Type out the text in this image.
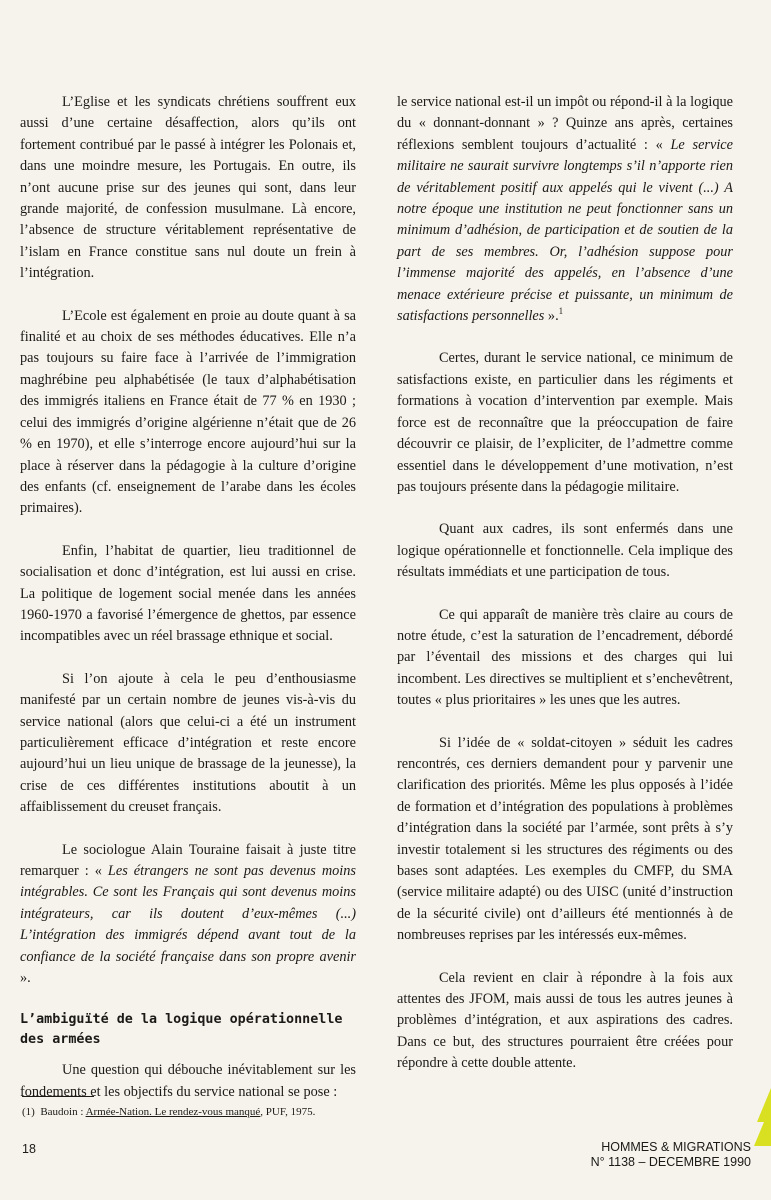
L’Eglise et les syndicats chrétiens souffrent eux aussi d’une certaine désaffection, alors qu’ils ont fortement contribué par le passé à intégrer les Polonais et, dans une moindre mesure, les Portugais. En outre, ils n’ont aucune prise sur des jeunes qui sont, dans leur grande majorité, de confession musulmane. Là encore, l’absence de structure véritablement représentative de l’islam en France constitue sans nul doute un frein à l’intégration.

L’Ecole est également en proie au doute quant à sa finalité et au choix de ses méthodes éducatives. Elle n’a pas toujours su faire face à l’arrivée de l’immigration maghrébine peu alphabétisée (le taux d’alphabétisation des immigrés italiens en France était de 77 % en 1930 ; celui des immigrés d’origine algérienne n’était que de 26 % en 1970), et elle s’interroge encore aujourd’hui sur la place à réserver dans la pédagogie à la culture d’origine des enfants (cf. enseignement de l’arabe dans les écoles primaires).

Enfin, l’habitat de quartier, lieu traditionnel de socialisation et donc d’intégration, est lui aussi en crise. La politique de logement social menée dans les années 1960-1970 a favorisé l’émergence de ghettos, par essence incompatibles avec un réel brassage ethnique et social.

Si l’on ajoute à cela le peu d’enthousiasme manifesté par un certain nombre de jeunes vis-à-vis du service national (alors que celui-ci a été un instrument particulièrement efficace d’intégration et reste encore aujourd’hui un lieu unique de brassage de la jeunesse), la crise de ces différentes institutions aboutit à un affaiblissement du creuset français.

Le sociologue Alain Touraine faisait à juste titre remarquer : « Les étrangers ne sont pas devenus moins intégrables. Ce sont les Français qui sont devenus moins intégrateurs, car ils doutent d’eux-mêmes (...) L’intégration des immigrés dépend avant tout de la confiance de la société française dans son propre avenir ».

L’ambiguïté de la logique opérationnelle des armées

Une question qui débouche inévitablement sur les fondements et les objectifs du service national se pose :

le service national est-il un impôt ou répond-il à la logique du « donnant-donnant » ? Quinze ans après, certaines réflexions semblent toujours d’actualité : « Le service militaire ne saurait survivre longtemps s’il n’apporte rien de véritablement positif aux appelés qui le vivent (...) A notre époque une institution ne peut fonctionner sans un minimum d’adhésion, de participation et de soutien de la part de ses membres. Or, l’adhésion suppose pour l’immense majorité des appelés, en l’absence d’une menace extérieure précise et puissante, un minimum de satisfactions personnelles ».$^1$

Certes, durant le service national, ce minimum de satisfactions existe, en particulier dans les régiments et formations à vocation d’intervention par exemple. Mais force est de reconnaître que la préoccupation de faire découvrir ce plaisir, de l’expliciter, de l’admettre comme essentiel dans le développement d’une motivation, n’est pas toujours présente dans la pédagogie militaire.

Quant aux cadres, ils sont enfermés dans une logique opérationnelle et fonctionnelle. Cela implique des résultats immédiats et une participation de tous.

Ce qui apparaît de manière très claire au cours de notre étude, c’est la saturation de l’encadrement, débordé par l’éventail des missions et des charges qui lui incombent. Les directives se multiplient et s’enchevêtrent, toutes « plus prioritaires » les unes que les autres.

Si l’idée de « soldat-citoyen » séduit les cadres rencontrés, ces derniers demandent pour y parvenir une clarification des priorités. Même les plus opposés à l’idée de formation et d’intégration des populations à problèmes d’intégration dans la société par l’armée, sont prêts à s’y investir totalement si les structures des régiments ou des bases sont adaptées. Les exemples du CMFP, du SMA (service militaire adapté) ou des UISC (unité d’instruction de la sécurité civile) ont d’ailleurs été mentionnés à de nombreuses reprises par les intéressés eux-mêmes.

Cela revient en clair à répondre à la fois aux attentes des JFOM, mais aussi de tous les autres jeunes à problèmes d’intégration, et aux aspirations des cadres. Dans ce but, des structures pourraient être créées pour répondre à cette double attente.

(1) Baudoin : Armée-Nation. Le rendez-vous manqué, PUF, 1975.
18	HOMMES & MIGRATIONS
N° 1138 – DECEMBRE 1990
